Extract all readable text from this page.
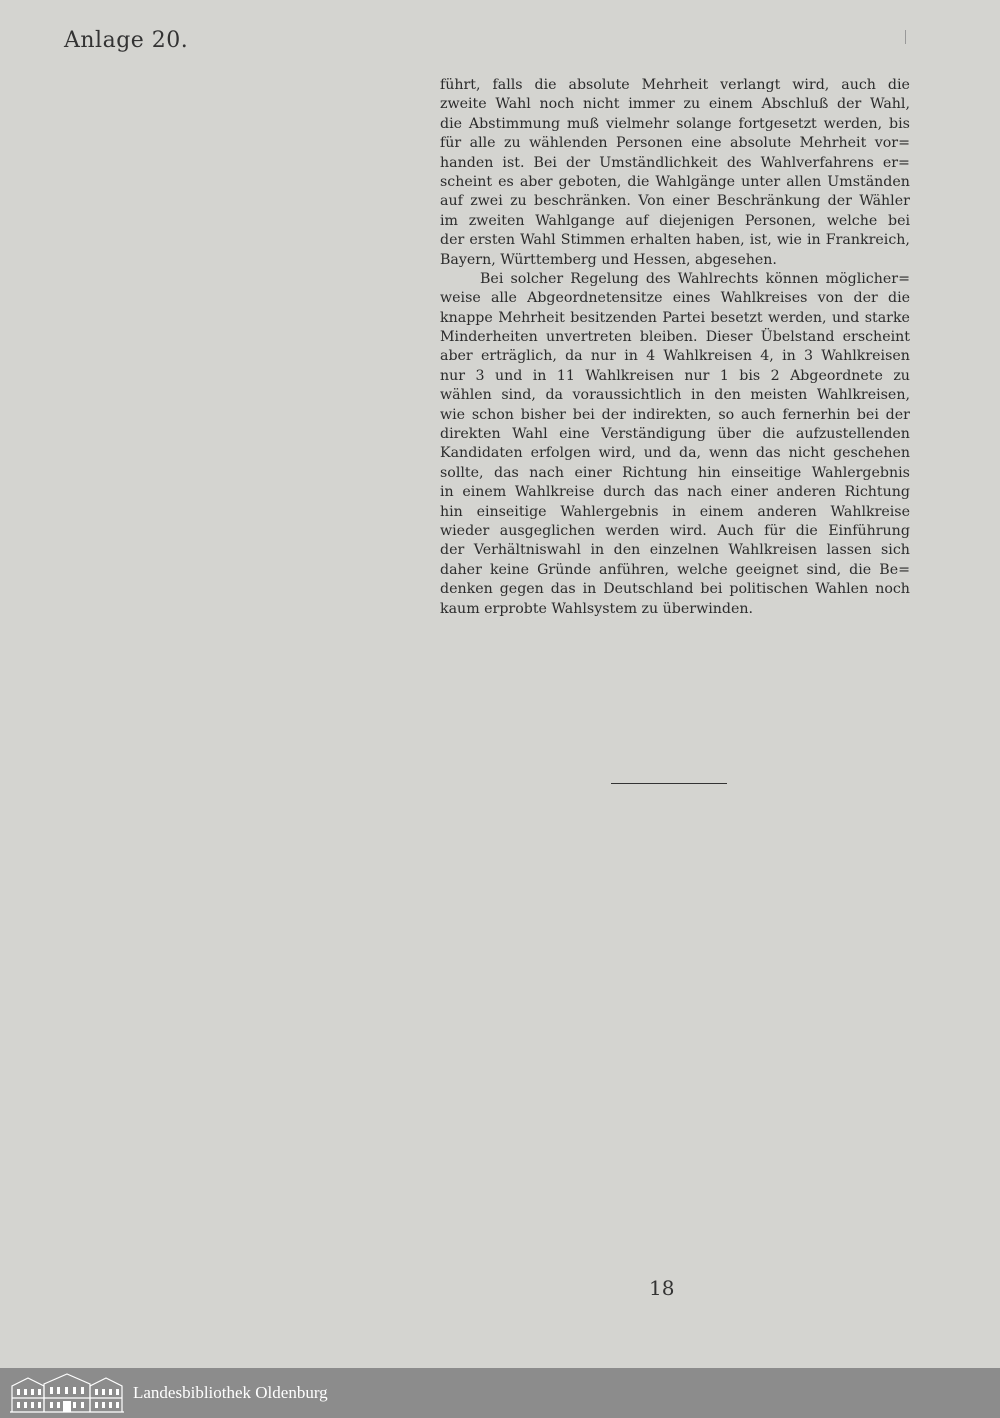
Anlage 20.
führt, falls die absolute Mehrheit verlangt wird, auch die
zweite Wahl noch nicht immer zu einem Abschluß der Wahl,
die Abstimmung muß vielmehr solange fortgesetzt werden, bis
für alle zu wählenden Personen eine absolute Mehrheit vor=
handen ist. Bei der Umständlichkeit des Wahlverfahrens er=
scheint es aber geboten, die Wahlgänge unter allen Umständen
auf zwei zu beschränken. Von einer Beschränkung der Wähler
im zweiten Wahlgange auf diejenigen Personen, welche bei
der ersten Wahl Stimmen erhalten haben, ist, wie in Frankreich,
Bayern, Württemberg und Hessen, abgesehen.
Bei solcher Regelung des Wahlrechts können möglicher=
weise alle Abgeordnetensitze eines Wahlkreises von der die
knappe Mehrheit besitzenden Partei besetzt werden, und starke
Minderheiten unvertreten bleiben. Dieser Übelstand erscheint
aber erträglich, da nur in 4 Wahlkreisen 4, in 3 Wahlkreisen
nur 3 und in 11 Wahlkreisen nur 1 bis 2 Abgeordnete zu
wählen sind, da voraussichtlich in den meisten Wahlkreisen,
wie schon bisher bei der indirekten, so auch fernerhin bei der
direkten Wahl eine Verständigung über die aufzustellenden
Kandidaten erfolgen wird, und da, wenn das nicht geschehen
sollte, das nach einer Richtung hin einseitige Wahlergebnis
in einem Wahlkreise durch das nach einer anderen Richtung
hin einseitige Wahlergebnis in einem anderen Wahlkreise
wieder ausgeglichen werden wird. Auch für die Einführung
der Verhältniswahl in den einzelnen Wahlkreisen lassen sich
daher keine Gründe anführen, welche geeignet sind, die Be=
denken gegen das in Deutschland bei politischen Wahlen noch
kaum erprobte Wahlsystem zu überwinden.
18
Landesbibliothek Oldenburg
